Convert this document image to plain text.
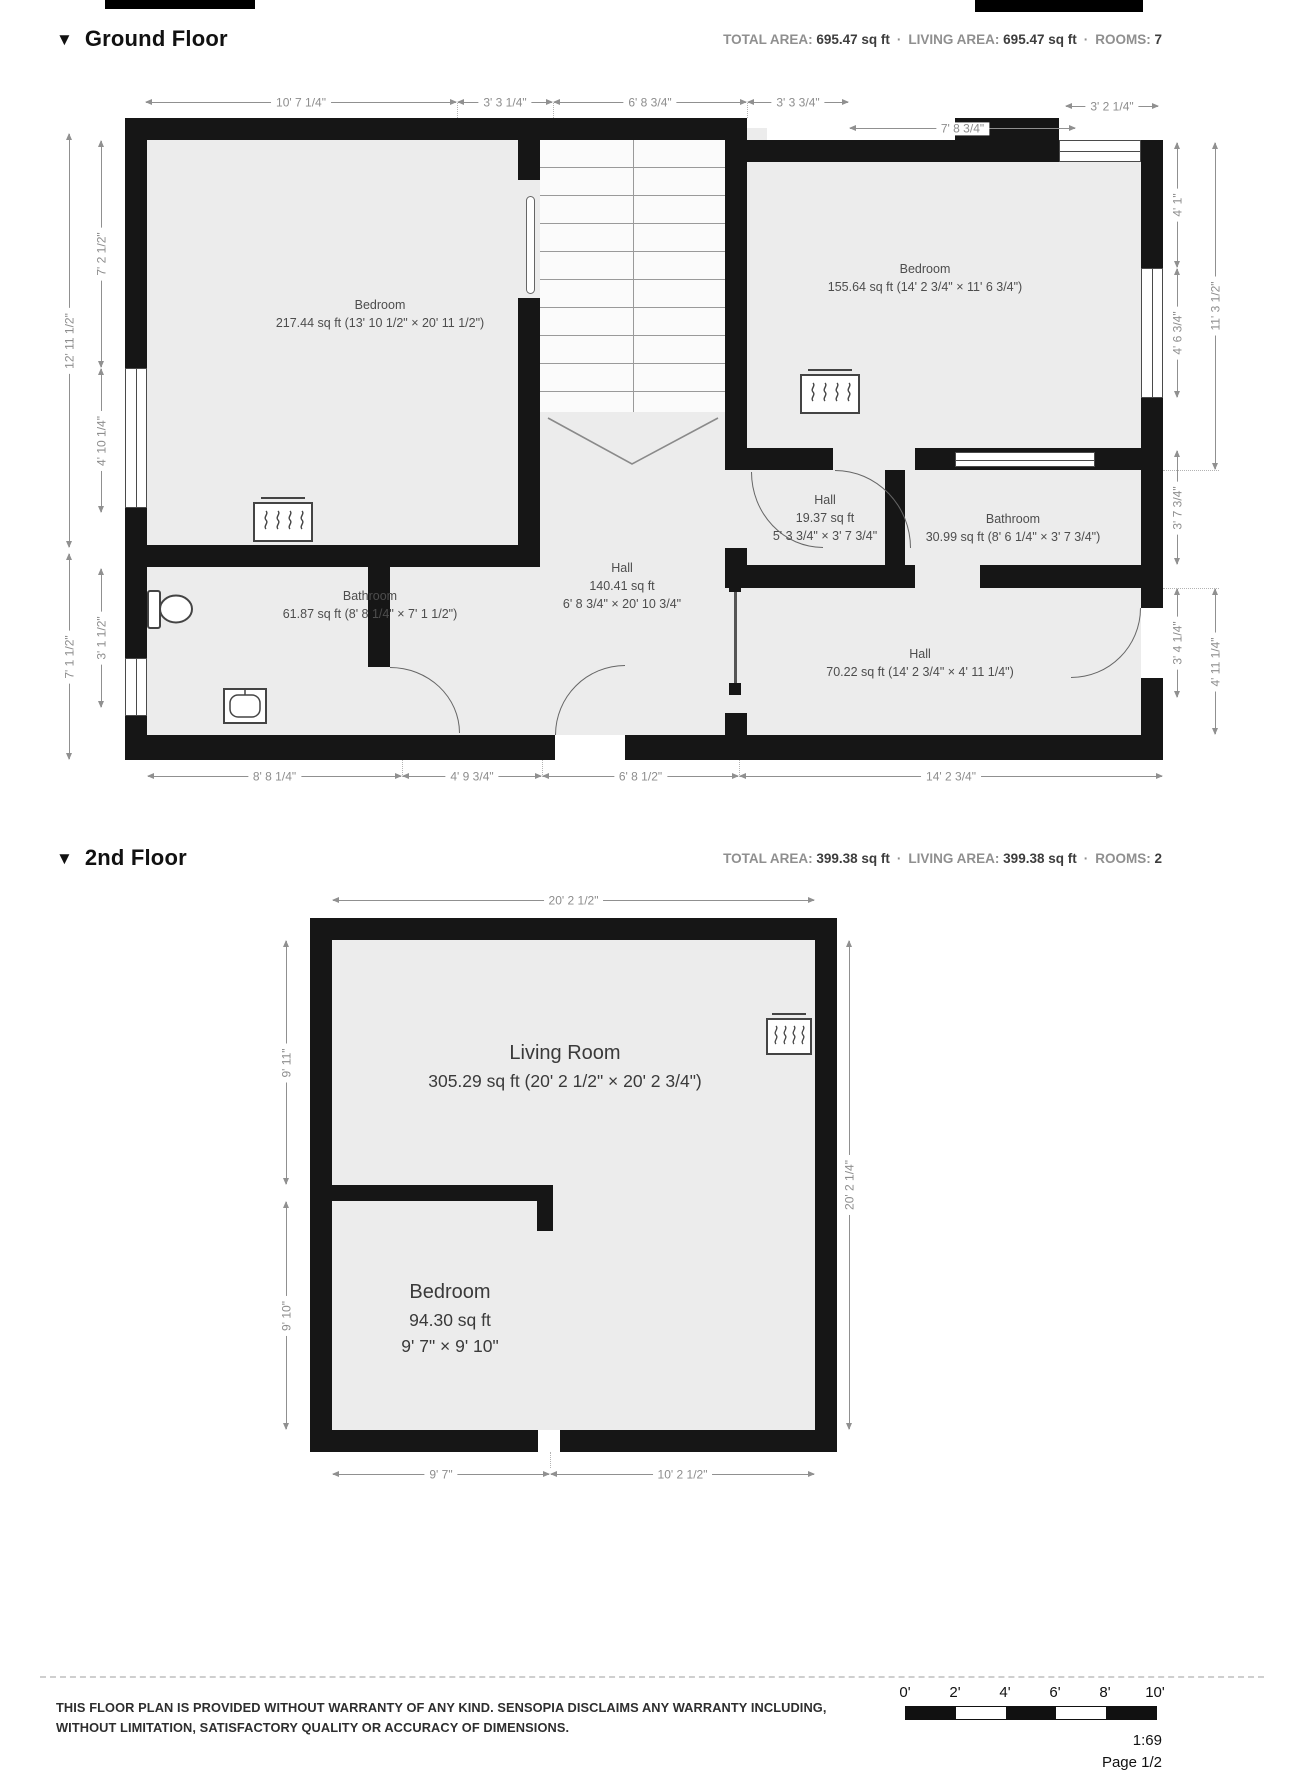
▼ Ground Floor	TOTAL AREA: 695.47 sq ft · LIVING AREA: 695.47 sq ft · ROOMS: 7
Bedroom
217.44 sq ft (13' 10 1/2" × 20' 11 1/2")
Bedroom
155.64 sq ft (14' 2 3/4" × 11' 6 3/4")
Hall
140.41 sq ft
6' 8 3/4" × 20' 10 3/4"
Hall
19.37 sq ft
5' 3 3/4" × 3' 7 3/4"
Bathroom
61.87 sq ft (8' 8 1/4" × 7' 1 1/2")
Bathroom
30.99 sq ft (8' 6 1/4" × 3' 7 3/4")
Hall
70.22 sq ft (14' 2 3/4" × 4' 11 1/4")
10' 7 1/4"	3' 3 1/4"	6' 8 3/4"	3' 3 3/4"
7' 8 3/4"
3' 2 1/4"
8' 8 1/4"	4' 9 3/4"	6' 8 1/2"	14' 2 3/4"
12' 11 1/2"
7' 1 1/2"
7' 2 1/2"
4' 10 1/4"
3' 1 1/2"
4' 1"
4' 6 3/4"
3' 7 3/4"
3' 4 1/4"
11' 3 1/2"
4' 11 1/4"
▼ 2nd Floor	TOTAL AREA: 399.38 sq ft · LIVING AREA: 399.38 sq ft · ROOMS: 2
Living Room
305.29 sq ft (20' 2 1/2" × 20' 2 3/4")
Bedroom
94.30 sq ft
9' 7" × 9' 10"
20' 2 1/2"
9' 7"	10' 2 1/2"
9' 11"
9' 10"
20' 2 1/4"
THIS FLOOR PLAN IS PROVIDED WITHOUT WARRANTY OF ANY KIND. SENSOPIA DISCLAIMS ANY WARRANTY INCLUDING,
WITHOUT LIMITATION, SATISFACTORY QUALITY OR ACCURACY OF DIMENSIONS.
0'	2'	4'	6'	8' 10'
1:69
Page 1/2
